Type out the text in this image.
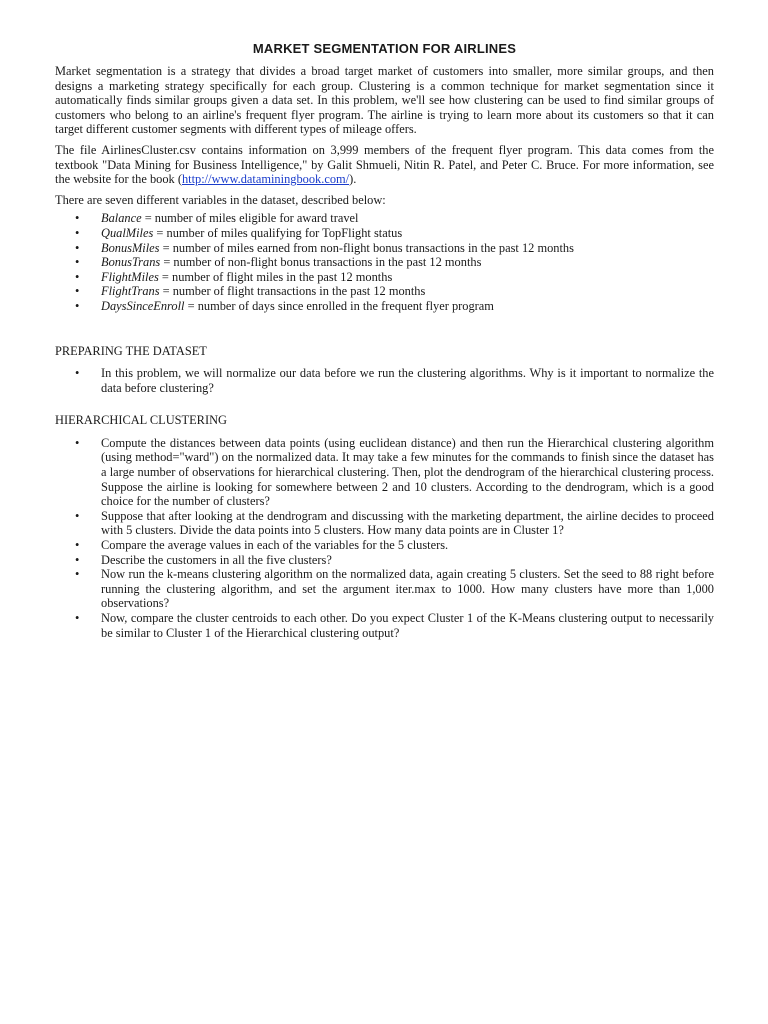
MARKET SEGMENTATION FOR AIRLINES

Market segmentation is a strategy that divides a broad target market of customers into smaller, more similar groups, and then designs a marketing strategy specifically for each group. Clustering is a common technique for market segmentation since it automatically finds similar groups given a data set. In this problem, we'll see how clustering can be used to find similar groups of customers who belong to an airline's frequent flyer program. The airline is trying to learn more about its customers so that it can target different customer segments with different types of mileage offers.

The file AirlinesCluster.csv contains information on 3,999 members of the frequent flyer program. This data comes from the textbook "Data Mining for Business Intelligence," by Galit Shmueli, Nitin R. Patel, and Peter C. Bruce. For more information, see the website for the book (http://www.dataminingbook.com/).

There are seven different variables in the dataset, described below:

• Balance = number of miles eligible for award travel
• QualMiles = number of miles qualifying for TopFlight status
• BonusMiles = number of miles earned from non-flight bonus transactions in the past 12 months
• BonusTrans = number of non-flight bonus transactions in the past 12 months
• FlightMiles = number of flight miles in the past 12 months
• FlightTrans = number of flight transactions in the past 12 months
• DaysSinceEnroll = number of days since enrolled in the frequent flyer program
PREPARING THE DATASET
• In this problem, we will normalize our data before we run the clustering algorithms. Why is it important to normalize the data before clustering?
HIERARCHICAL CLUSTERING
• Compute the distances between data points (using euclidean distance) and then run the Hierarchical clustering algorithm (using method="ward") on the normalized data. It may take a few minutes for the commands to finish since the dataset has a large number of observations for hierarchical clustering. Then, plot the dendrogram of the hierarchical clustering process. Suppose the airline is looking for somewhere between 2 and 10 clusters. According to the dendrogram, which is a good choice for the number of clusters?
• Suppose that after looking at the dendrogram and discussing with the marketing department, the airline decides to proceed with 5 clusters. Divide the data points into 5 clusters. How many data points are in Cluster 1?
• Compare the average values in each of the variables for the 5 clusters.
• Describe the customers in all the five clusters?
• Now run the k-means clustering algorithm on the normalized data, again creating 5 clusters. Set the seed to 88 right before running the clustering algorithm, and set the argument iter.max to 1000. How many clusters have more than 1,000 observations?
• Now, compare the cluster centroids to each other. Do you expect Cluster 1 of the K-Means clustering output to necessarily be similar to Cluster 1 of the Hierarchical clustering output?
